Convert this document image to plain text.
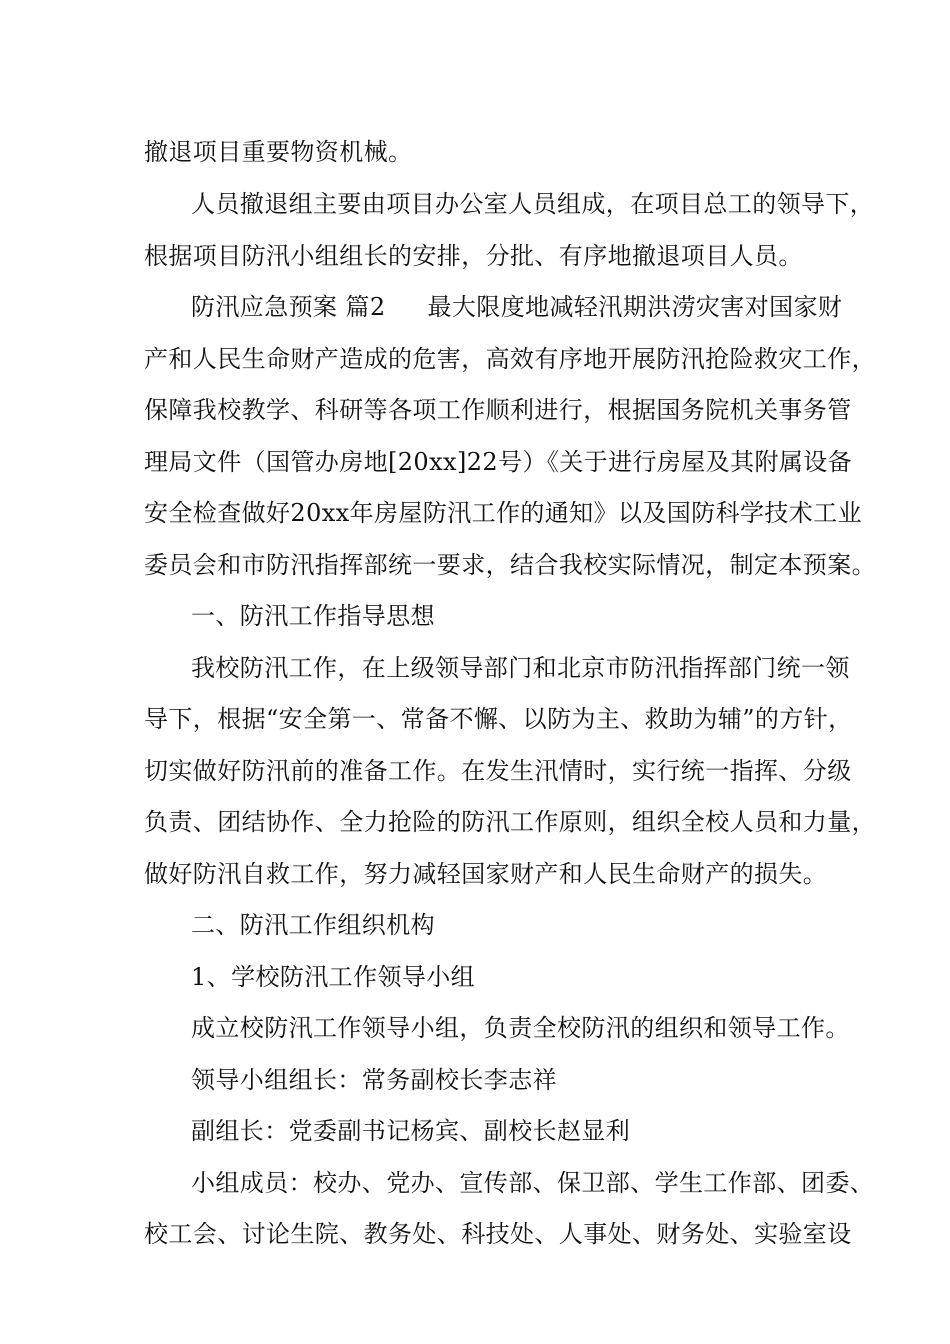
撤退项目重要物资机械。
人员撤退组主要由项目办公室人员组成，在项目总工的领导下，
根据项目防汛小组组长的安排，分批、有序地撤退项目人员。
防汛应急预案 篇2 最大限度地减轻汛期洪涝灾害对国家财
产和人民生命财产造成的危害，高效有序地开展防汛抢险救灾工作，
保障我校教学、科研等各项工作顺利进行，根据国务院机关事务管
理局文件（国管办房地[20xx]22号）《关于进行房屋及其附属设备
安全检查做好20xx年房屋防汛工作的通知》以及国防科学技术工业
委员会和市防汛指挥部统一要求，结合我校实际情况，制定本预案。
一、防汛工作指导思想
我校防汛工作，在上级领导部门和北京市防汛指挥部门统一领
导下，根据“安全第一、常备不懈、以防为主、救助为辅”的方针，
切实做好防汛前的准备工作。在发生汛情时，实行统一指挥、分级
负责、团结协作、全力抢险的防汛工作原则，组织全校人员和力量，
做好防汛自救工作，努力减轻国家财产和人民生命财产的损失。
二、防汛工作组织机构
1、学校防汛工作领导小组
成立校防汛工作领导小组，负责全校防汛的组织和领导工作。
领导小组组长：常务副校长李志祥
副组长：党委副书记杨宾、副校长赵显利
小组成员：校办、党办、宣传部、保卫部、学生工作部、团委、
校工会、讨论生院、教务处、科技处、人事处、财务处、实验室设
